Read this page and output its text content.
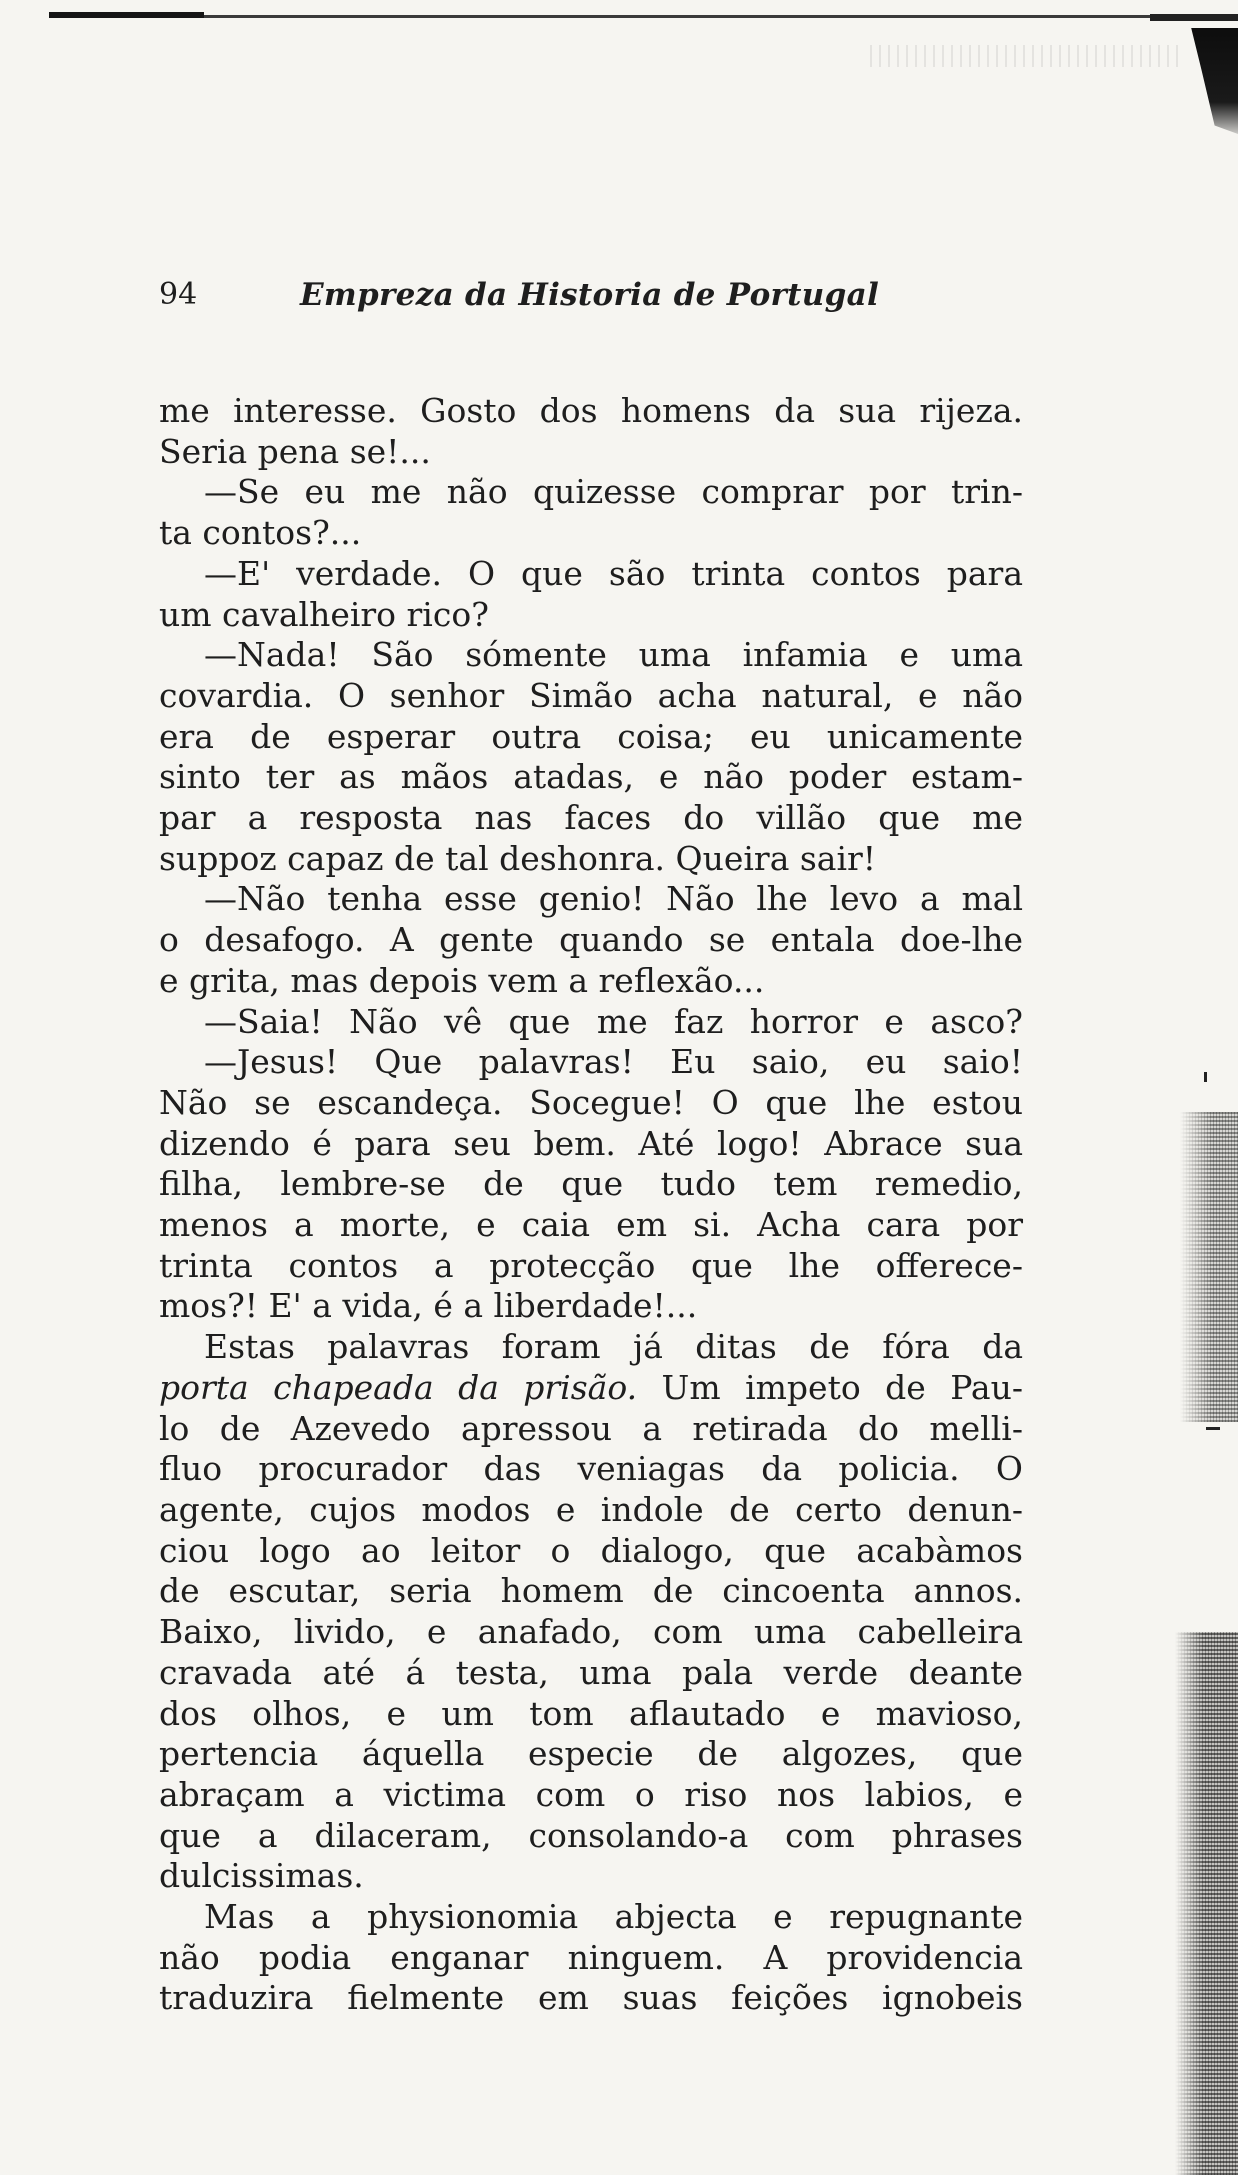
94	Empreza da Historia de Portugal
me interesse. Gosto dos homens da sua rijeza.
Seria pena se!...
—Se eu me não quizesse comprar por trin-
ta contos?...
—E' verdade. O que são trinta contos para
um cavalheiro rico?
—Nada! São sómente uma infamia e uma
covardia. O senhor Simão acha natural, e não
era de esperar outra coisa; eu unicamente
sinto ter as mãos atadas, e não poder estam-
par a resposta nas faces do villão que me
suppoz capaz de tal deshonra. Queira sair!
—Não tenha esse genio! Não lhe levo a mal
o desafogo. A gente quando se entala doe-lhe
e grita, mas depois vem a reflexão...
—Saia! Não vê que me faz horror e asco?
—Jesus! Que palavras! Eu saio, eu saio!
Não se escandeça. Socegue! O que lhe estou
dizendo é para seu bem. Até logo! Abrace sua
filha, lembre-se de que tudo tem remedio,
menos a morte, e caia em si. Acha cara por
trinta contos a protecção que lhe offerece-
mos?! E' a vida, é a liberdade!...
Estas palavras foram já ditas de fóra da
porta chapeada da prisão. Um impeto de Pau-
lo de Azevedo apressou a retirada do melli-
fluo procurador das veniagas da policia. O
agente, cujos modos e indole de certo denun-
ciou logo ao leitor o dialogo, que acabàmos
de escutar, seria homem de cincoenta annos.
Baixo, livido, e anafado, com uma cabelleira
cravada até á testa, uma pala verde deante
dos olhos, e um tom aflautado e mavioso,
pertencia áquella especie de algozes, que
abraçam a victima com o riso nos labios, e
que a dilaceram, consolando-a com phrases
dulcissimas.
Mas a physionomia abjecta e repugnante
não podia enganar ninguem. A providencia
traduzira fielmente em suas feições ignobeis
